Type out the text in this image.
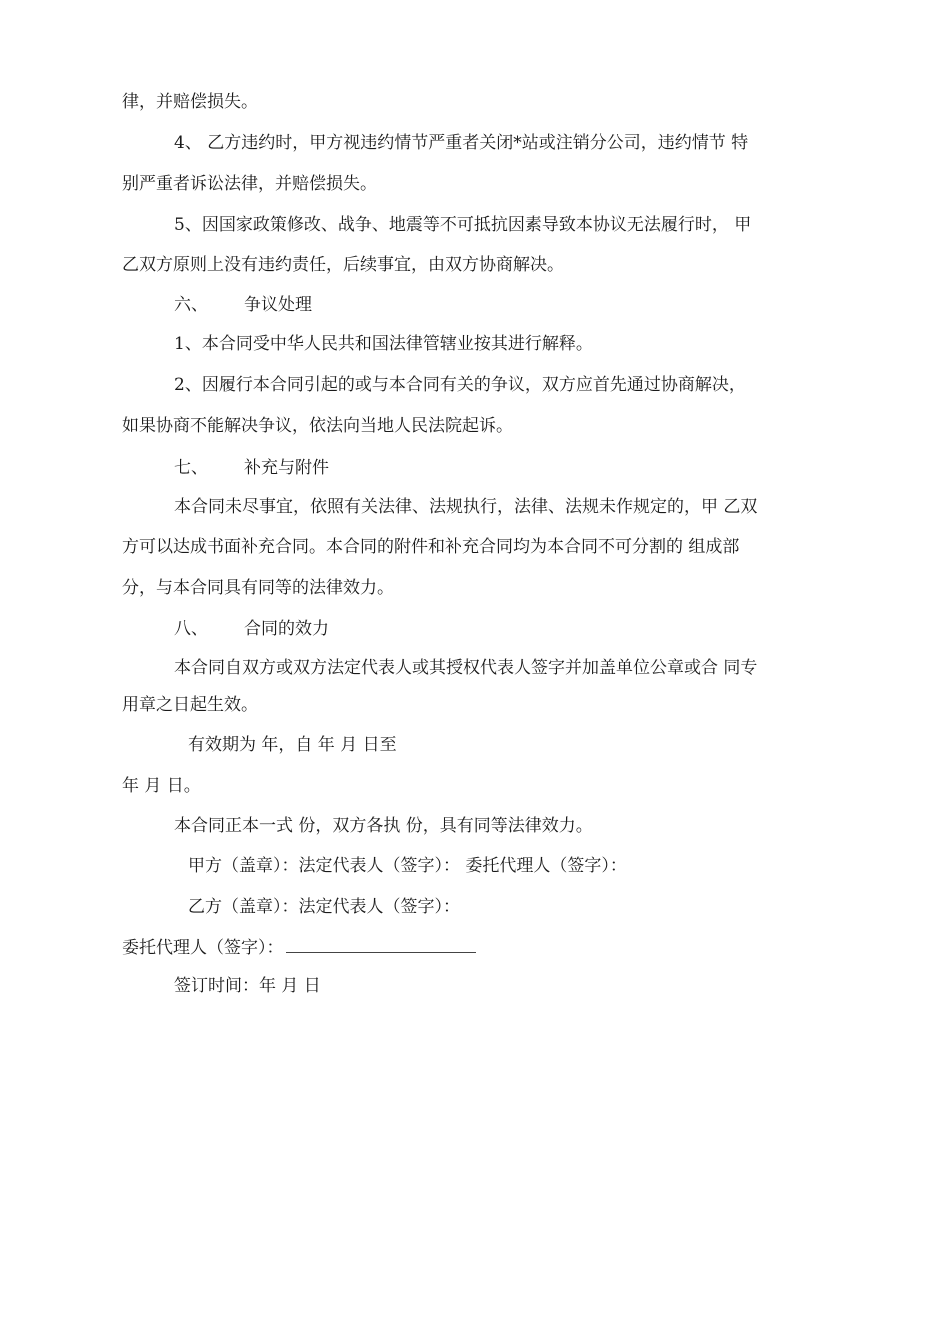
律，并赔偿损失。
4、 乙方违约时，甲方视违约情节严重者关闭*站或注销分公司，违约情节 特
别严重者诉讼法律，并赔偿损失。
5、因国家政策修改、战争、地震等不可抵抗因素导致本协议无法履行时， 甲
乙双方原则上没有违约责任，后续事宜，由双方协商解决。
六、 争议处理
1、本合同受中华人民共和国法律管辖业按其进行解释。
2、因履行本合同引起的或与本合同有关的争议，双方应首先通过协商解决，
如果协商不能解决争议，依法向当地人民法院起诉。
七、 补充与附件
本合同未尽事宜，依照有关法律、法规执行，法律、法规未作规定的，甲 乙双
方可以达成书面补充合同。本合同的附件和补充合同均为本合同不可分割的 组成部
分，与本合同具有同等的法律效力。
八、 合同的效力
本合同自双方或双方法定代表人或其授权代表人签字并加盖单位公章或合 同专
用章之日起生效。
有效期为 年，自 年 月 日至
年 月 日。
本合同正本一式 份，双方各执 份，具有同等法律效力。
甲方（盖章）：法定代表人（签字）： 委托代理人（签字）：
乙方（盖章）：法定代表人（签字）：
委托代理人（签字）：
签订时间：年 月 日
